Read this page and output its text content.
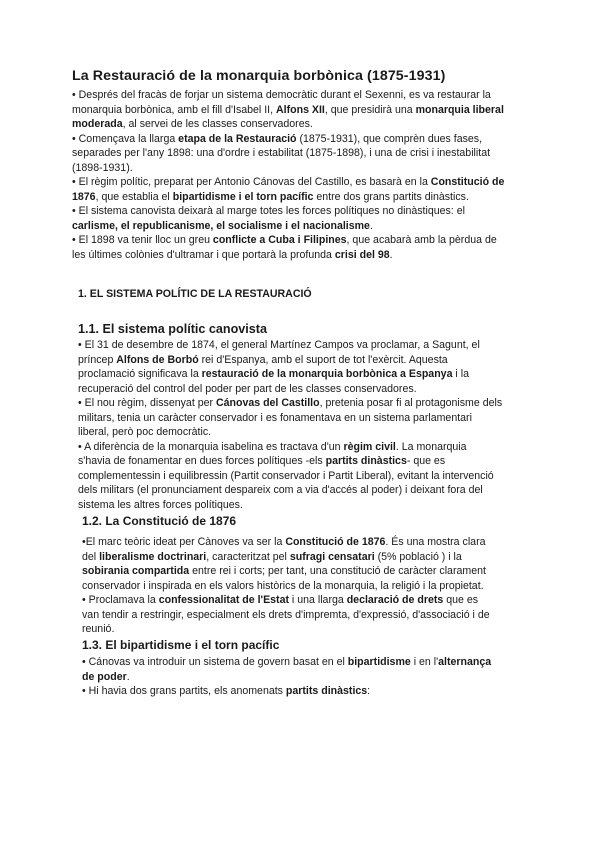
La Restauració de la monarquia borbònica (1875-1931)
• Després del fracàs de forjar un sistema democràtic durant el Sexenni, es va restaurar la
monarquia borbònica, amb el fill d'Isabel II, Alfons XII, que presidirà una monarquia liberal
moderada, al servei de les classes conservadores.
• Començava la llarga etapa de la Restauració (1875-1931), que comprèn dues fases,
separades per l'any 1898: una d'ordre i estabilitat (1875-1898), i una de crisi i inestabilitat
(1898-1931).
• El règim polític, preparat per Antonio Cánovas del Castillo, es basarà en la Constitució de
1876, que establia el bipartidisme i el torn pacífic entre dos grans partits dinàstics.
• El sistema canovista deixarà al marge totes les forces polítiques no dinàstiques: el
carlisme, el republicanisme, el socialisme i el nacionalisme.
• El 1898 va tenir lloc un greu conflicte a Cuba i Filipines, que acabarà amb la pèrdua de
les últimes colònies d'ultramar i que portarà la profunda crisi del 98.
1. EL SISTEMA POLÍTIC DE LA RESTAURACIÓ
1.1. El sistema polític canovista
• El 31 de desembre de 1874, el general Martínez Campos va proclamar, a Sagunt, el
príncep Alfons de Borbó rei d'Espanya, amb el suport de tot l'exèrcit. Aquesta
proclamació significava la restauració de la monarquia borbònica a Espanya i la
recuperació del control del poder per part de les classes conservadores.
• El nou règim, dissenyat per Cánovas del Castillo, pretenia posar fi al protagonisme dels
militars, tenia un caràcter conservador i es fonamentava en un sistema parlamentari
liberal, però poc democràtic.
• A diferència de la monarquia isabelina es tractava d'un règim civil. La monarquia
s'havia de fonamentar en dues forces polítiques -els partits dinàstics- que es
complementessin i equilibressin (Partit conservador i Partit Liberal), evitant la intervenció
dels militars (el pronunciament despareix com a via d'accés al poder) i deixant fora del
sistema les altres forces polítiques.
1.2. La Constitució de 1876
•El marc teòric ideat per Cànoves va ser la Constitució de 1876. És una mostra clara
del liberalisme doctrinari, caracteritzat pel sufragi censatari (5% població ) i la
sobirania compartida entre rei i corts; per tant, una constitució de caràcter clarament
conservador i inspirada en els valors històrics de la monarquia, la religió i la propietat.
• Proclamava la confessionalitat de l'Estat i una llarga declaració de drets que es
van tendir a restringir, especialment els drets d'impremta, d'expressió, d'associació i de
reunió.
1.3. El bipartidisme i el torn pacífic
• Cánovas va introduir un sistema de govern basat en el bipartidisme i en l'alternança
de poder.
• Hi havia dos grans partits, els anomenats partits dinàstics:
